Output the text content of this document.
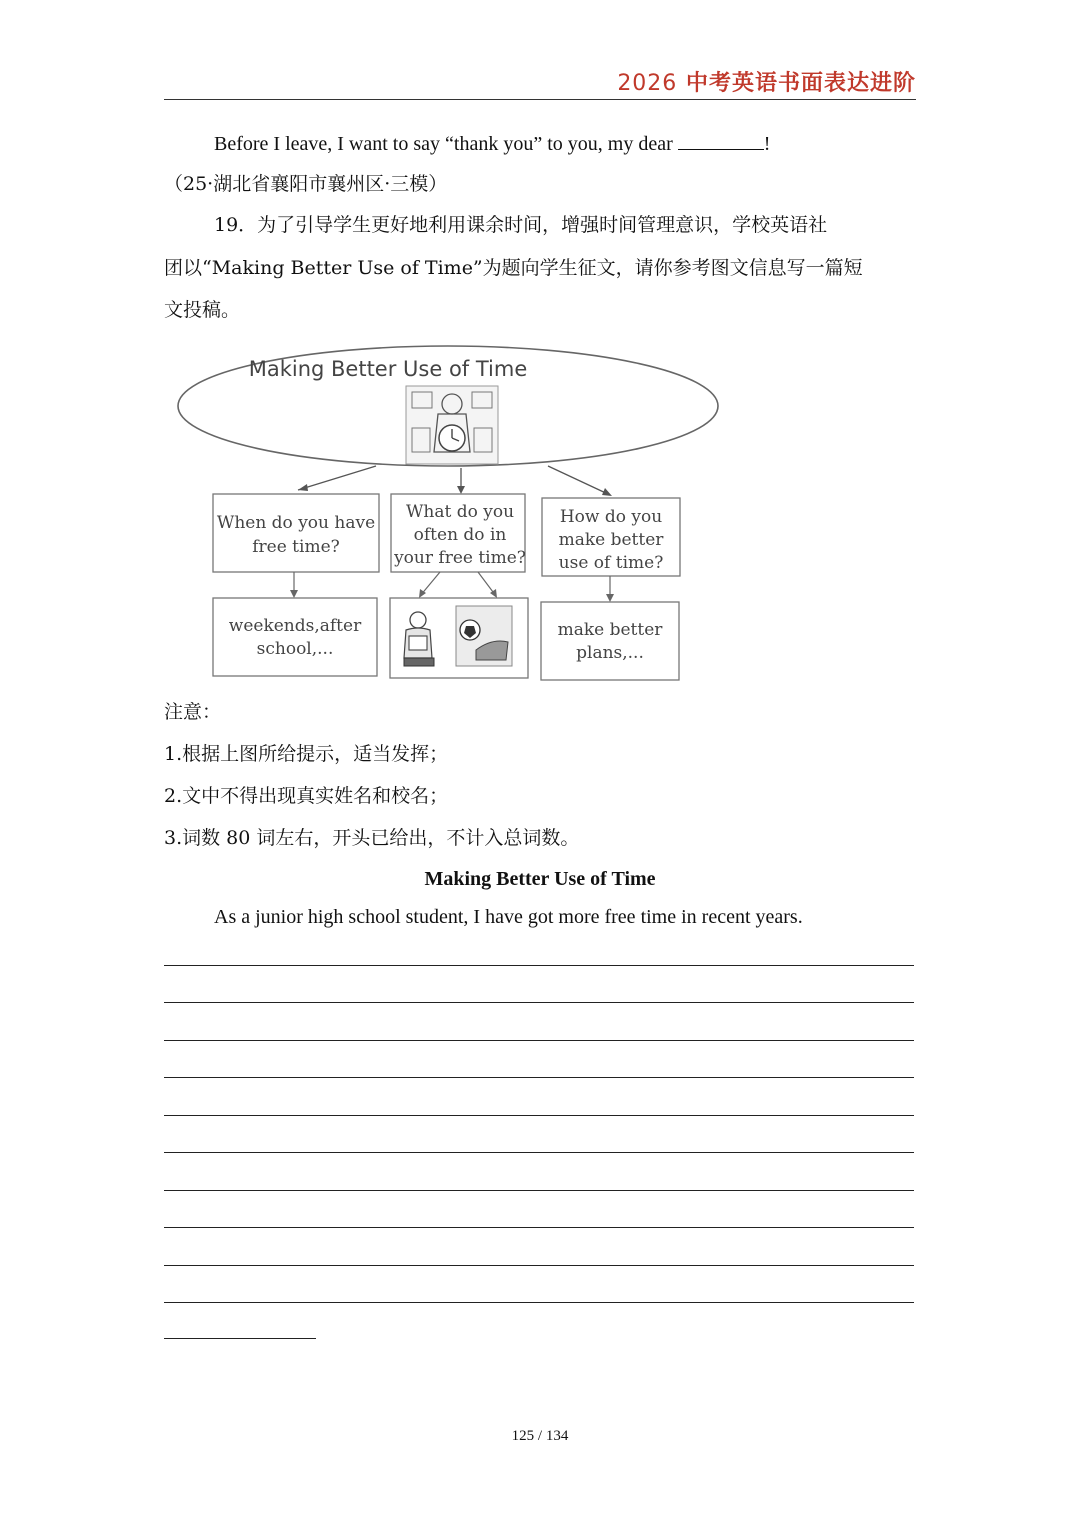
2026 中考英语书面表达进阶
Before I leave, I want to say “thank you” to you, my dear	!
（25·湖北省襄阳市襄州区·三模）
19．为了引导学生更好地利用课余时间，增强时间管理意识，学校英语社
团以“Making Better Use of Time”为题向学生征文，请你参考图文信息写一篇短
文投稿。
Making Better Use of Time
When do you have
free time?
What do you
often do in
your free time?
How do you
make better
use of time?
weekends,after
school,...
make better
plans,...
注意：
1.根据上图所给提示，适当发挥；
2.文中不得出现真实姓名和校名；
3.词数 80 词左右，开头已给出，不计入总词数。
Making Better Use of Time
As a junior high school student, I have got more free time in recent years.
125 / 134
